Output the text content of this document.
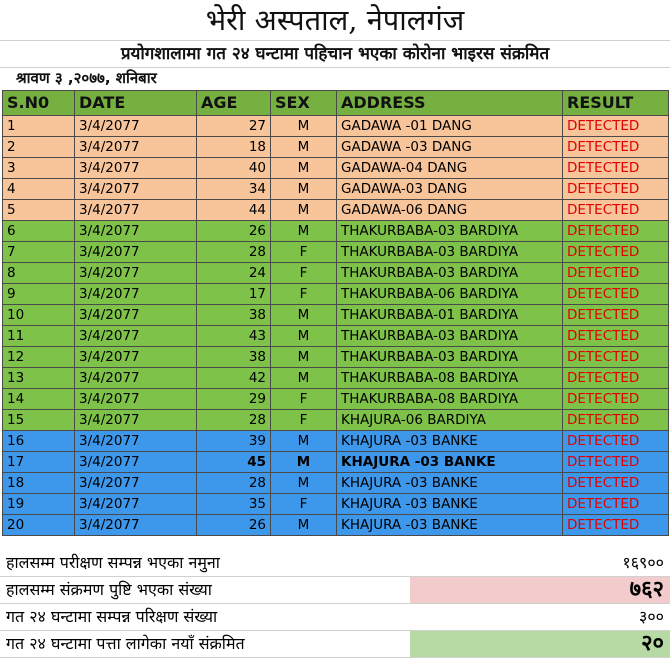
भेरी अस्पताल, नेपालगंज
प्रयोगशालामा गत २४ घन्टामा पहिचान भएका कोरोना भाइरस संक्रमित
श्रावण ३ ,२०७७, शनिबार
S.N0	DATE	AGE	SEX	ADDRESS	RESULT
1	3/4/2077	27	M	GADAWA -01 DANG	DETECTED
2	3/4/2077	18	M	GADAWA -03 DANG	DETECTED
3	3/4/2077	40	M	GADAWA-04 DANG	DETECTED
4	3/4/2077	34	M	GADAWA-03 DANG	DETECTED
5	3/4/2077	44	M	GADAWA-06 DANG	DETECTED
6	3/4/2077	26	M	THAKURBABA-03 BARDIYA	DETECTED
7	3/4/2077	28	F	THAKURBABA-03 BARDIYA	DETECTED
8	3/4/2077	24	F	THAKURBABA-03 BARDIYA	DETECTED
9	3/4/2077	17	F	THAKURBABA-06 BARDIYA	DETECTED
10	3/4/2077	38	M	THAKURBABA-01 BARDIYA	DETECTED
11	3/4/2077	43	M	THAKURBABA-03 BARDIYA	DETECTED
12	3/4/2077	38	M	THAKURBABA-03 BARDIYA	DETECTED
13	3/4/2077	42	M	THAKURBABA-08 BARDIYA	DETECTED
14	3/4/2077	29	F	THAKURBABA-08 BARDIYA	DETECTED
15	3/4/2077	28	F	KHAJURA-06 BARDIYA	DETECTED
16	3/4/2077	39	M	KHAJURA -03 BANKE	DETECTED
17	3/4/2077	45	M	KHAJURA -03 BANKE	DETECTED
18	3/4/2077	28	M	KHAJURA -03 BANKE	DETECTED
19	3/4/2077	35	F	KHAJURA -03 BANKE	DETECTED
20	3/4/2077	26	M	KHAJURA -03 BANKE	DETECTED
हालसम्म परीक्षण सम्पन्न भएका नमुना	१६९००
हालसम्म संक्रमण पुष्टि भएका संख्या	७६२
गत २४ घन्टामा सम्पन्न परिक्षण संख्या	३००
गत २४ घन्टामा पत्ता लागेका नयाँ संक्रमित	२०
